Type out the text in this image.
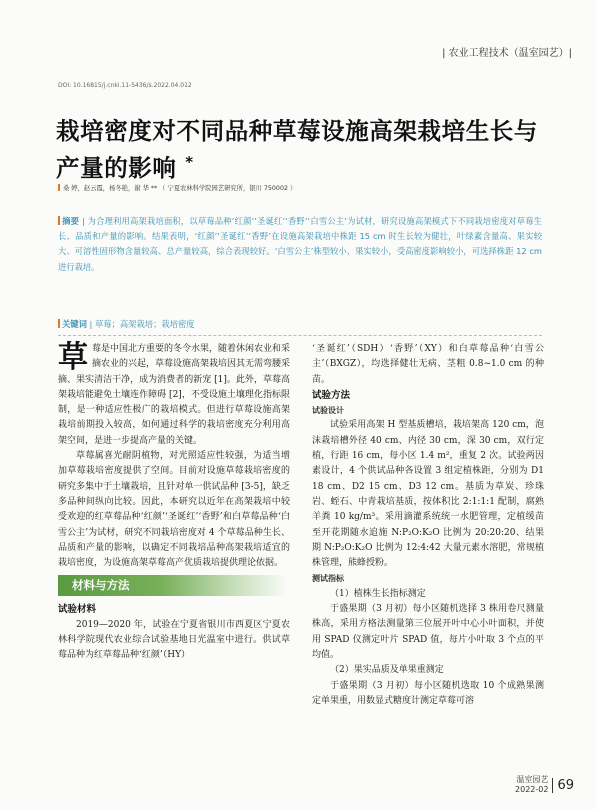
| 农业工程技术（温室园艺）|
DOI: 10.16815/j.cnki.11-5436/s.2022.04.012
栽培密度对不同品种草莓设施高架栽培生长与产量的影响 *
桑 婷，赵云霞，杨冬艳，谢 华 ** （ 宁夏农林科学院园艺研究所，银川 750002 ）
摘要 | 为合理利用高架栽培面积，以草莓品种‘红颜’‘圣诞红’‘香野’‘白雪公主’为试材，研究设施高架模式下不同栽培密度对草莓生长、品质和产量的影响。结果表明，‘红颜’‘圣诞红’‘香野’在设施高架栽培中株距 15 cm 时生长较为健壮，叶绿素含量高、果实较大、可溶性固形物含量较高、总产量较高，综合表现较好。‘白雪公主’株型较小、果实较小，受高密度影响较小，可选择株距 12 cm 进行栽培。
关键词 | 草莓；高架栽培；栽培密度

草莓是中国北方重要的冬令水果，随着休闲农业和采摘农业的兴起，草莓设施高架栽培因其无需弯腰采摘、果实清洁干净，成为消费者的新宠 [1]。此外，草莓高架栽培能避免土壤连作障碍 [2]，不受设施土壤理化指标限制，是一种适应性极广的栽培模式。但进行草莓设施高架栽培前期投入较高，如何通过科学的栽培密度充分利用高架空间，是进一步提高产量的关键。

草莓属喜光耐阴植物，对光照适应性较强，为适当增加草莓栽培密度提供了空间。目前对设施草莓栽培密度的研究多集中于土壤栽培，且针对单一供试品种 [3-5]，缺乏多品种间纵向比较。因此，本研究以近年在高架栽培中较受欢迎的红草莓品种‘红颜’‘圣诞红’‘香野’和白草莓品种‘白雪公主’为试材，研究不同栽培密度对 4 个草莓品种生长、品质和产量的影响，以确定不同栽培品种高架栽培适宜的栽培密度，为设施高架草莓高产优质栽培提供理论依据。

材料与方法
试验材料

2019—2020 年，试验在宁夏省银川市西夏区宁夏农林科学院现代农业综合试验基地日光温室中进行。供试草莓品种为红草莓品种‘红颜’（HY）

‘圣诞红’（SDH）‘香野’（XY）和白草莓品种‘白雪公主’（BXGZ），均选择健壮无病、茎粗 0.8~1.0 cm 的种苗。

试验方法
试验设计

试验采用高架 H 型基质槽培，栽培架高 120 cm，泡沫栽培槽外径 40 cm、内径 30 cm，深 30 cm，双行定植，行距 16 cm，每小区 1.4 m²，重复 2 次。试验两因素设计，4 个供试品种各设置 3 组定植株距，分别为 D1 18 cm、D2 15 cm、D3 12 cm。基质为草炭、珍珠岩、蛭石、中青栽培基质，按体积比 2:1:1:1 配制，腐熟羊粪 10 kg/m³。采用滴灌系统统一水肥管理，定植缓苗至开花期随水追施 N:P₂O:K₂O 比例为 20:20:20、结果期 N:P₂O:K₂O 比例为 12:4:42 大量元素水溶肥，常规植株管理，熊蜂授粉。

测试指标

（1）植株生长指标测定

于盛果期（3 月初）每小区随机选择 3 株用卷尺测量株高，采用方格法测量第三位展开叶中心小叶面积，并使用 SPAD 仪测定叶片 SPAD 值，每片小叶取 3 个点的平均值。

（2）果实品质及单果重测定

于盛果期（3 月初）每小区随机选取 10 个成熟果测定单果重，用数显式糖度计测定草莓可溶

温室园艺
2022-02 69
